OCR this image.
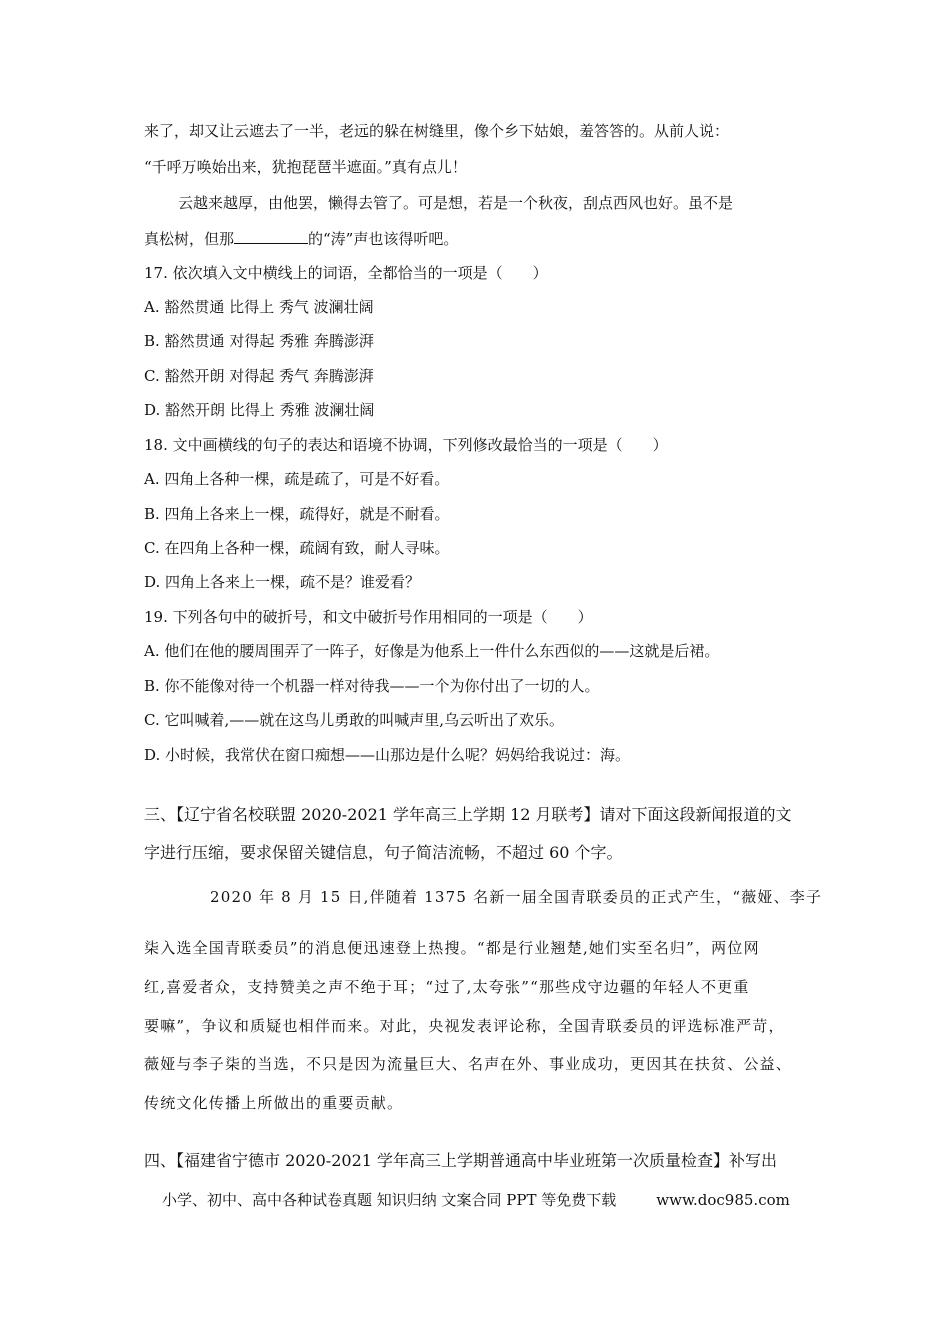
来了，却又让云遮去了一半，老远的躲在树缝里，像个乡下姑娘，羞答答的。从前人说：
“千呼万唤始出来，犹抱琵琶半遮面。”真有点儿！
云越来越厚，由他罢，懒得去管了。可是想，若是一个秋夜，刮点西风也好。虽不是
真松树，但那	的“涛”声也该得听吧。
17. 依次填入文中横线上的词语，全都恰当的一项是（　　）
A. 豁然贯通 比得上 秀气 波澜壮阔
B. 豁然贯通 对得起 秀雅 奔腾澎湃
C. 豁然开朗 对得起 秀气 奔腾澎湃
D. 豁然开朗 比得上 秀雅 波澜壮阔
18. 文中画横线的句子的表达和语境不协调，下列修改最恰当的一项是（　　）
A. 四角上各种一棵，疏是疏了，可是不好看。
B. 四角上各来上一棵，疏得好，就是不耐看。
C. 在四角上各种一棵，疏阔有致，耐人寻味。
D. 四角上各来上一棵，疏不是？谁爱看？
19. 下列各句中的破折号，和文中破折号作用相同的一项是（　　）
A. 他们在他的腰周围弄了一阵子，好像是为他系上一件什么东西似的——这就是后裙。
B. 你不能像对待一个机器一样对待我——一个为你付出了一切的人。
C. 它叫喊着,——就在这鸟儿勇敢的叫喊声里,乌云听出了欢乐。
D. 小时候，我常伏在窗口痴想——山那边是什么呢？妈妈给我说过：海。
三、【辽宁省名校联盟 2020-2021 学年高三上学期 12 月联考】请对下面这段新闻报道的文
字进行压缩，要求保留关键信息，句子简洁流畅，不超过 60 个字。
2020 年 8 月 15 日,伴随着 1375 名新一届全国青联委员的正式产生，“薇娅、李子
柒入选全国青联委员”的消息便迅速登上热搜。“都是行业翘楚,她们实至名归”，两位网
红,喜爱者众，支持赞美之声不绝于耳；“过了,太夸张”“那些戍守边疆的年轻人不更重
要嘛”，争议和质疑也相伴而来。对此，央视发表评论称，全国青联委员的评选标准严苛，
薇娅与李子柒的当选，不只是因为流量巨大、名声在外、事业成功，更因其在扶贫、公益、
传统文化传播上所做出的重要贡献。
四、【福建省宁德市 2020-2021 学年高三上学期普通高中毕业班第一次质量检查】补写出
小学、初中、高中各种试卷真题 知识归纳 文案合同 PPT 等免费下载	www.doc985.com
